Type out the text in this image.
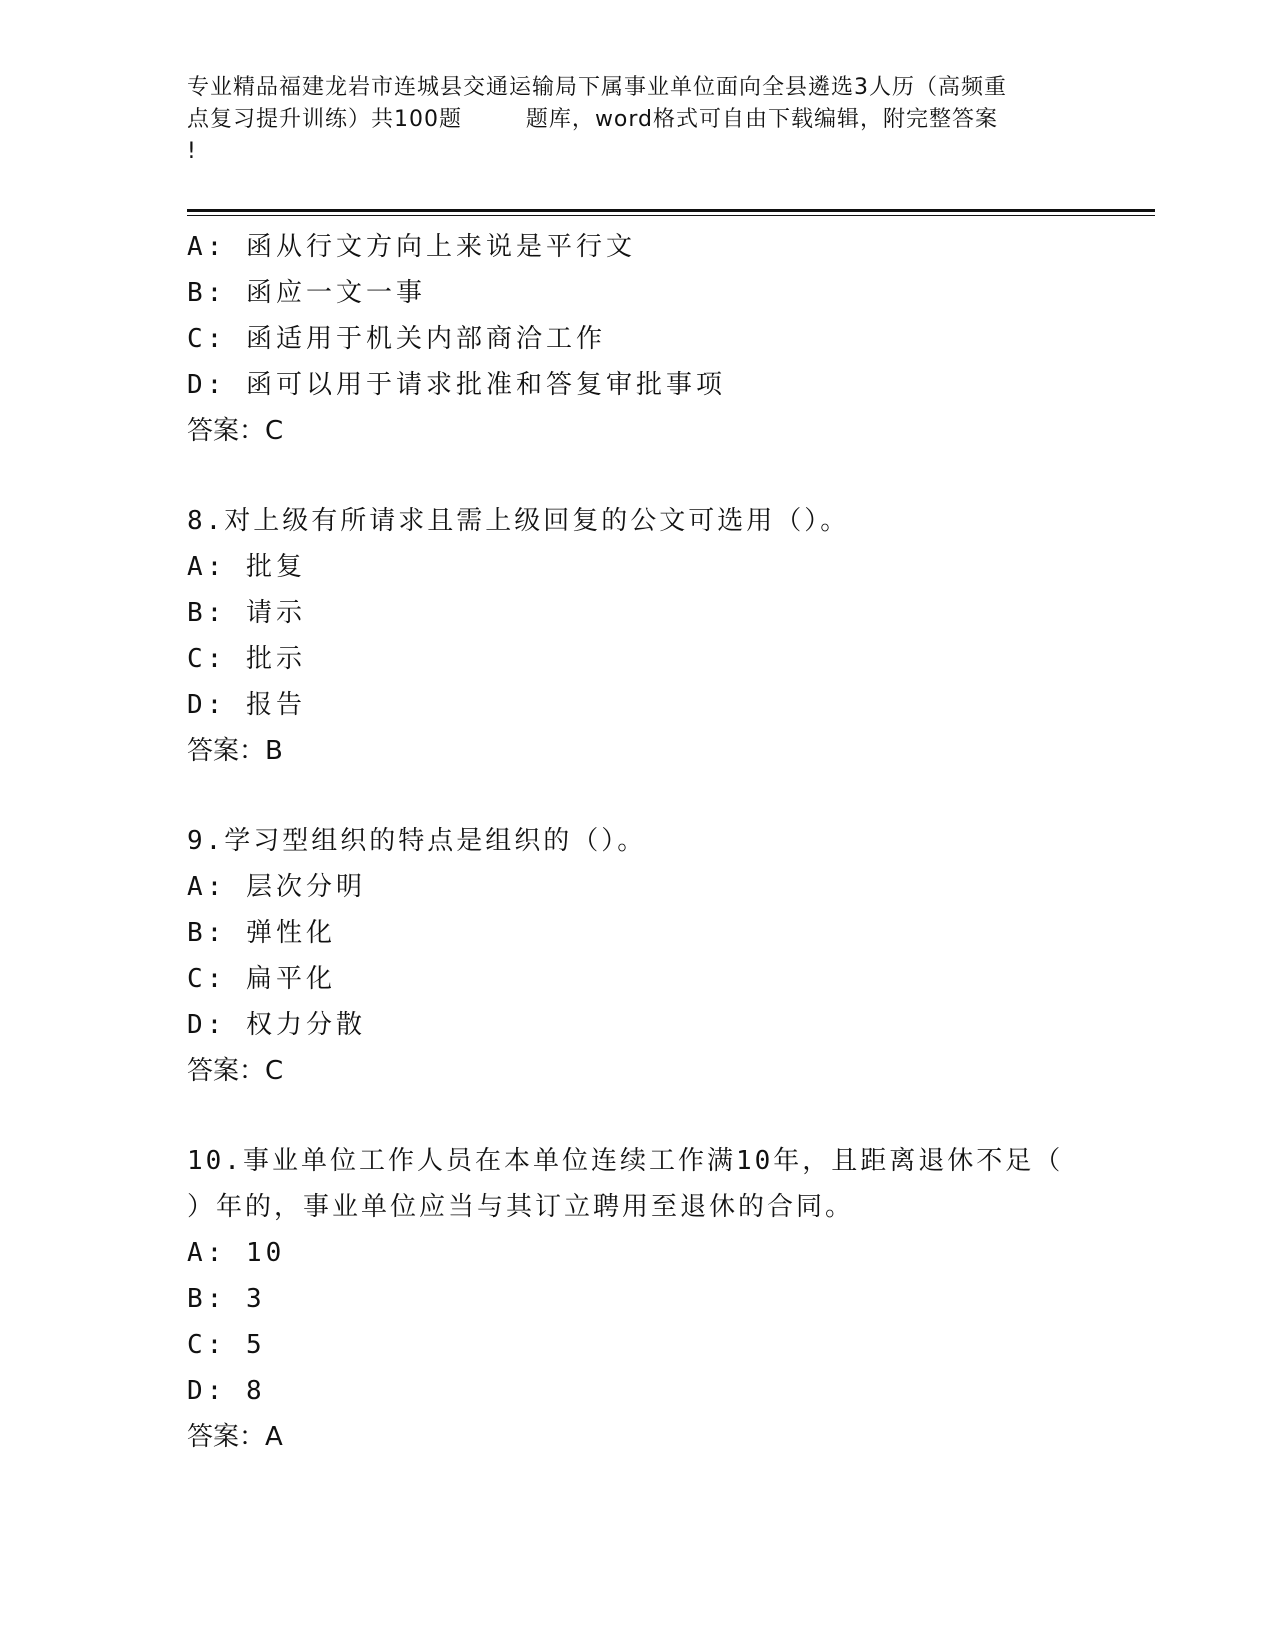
专业精品福建龙岩市连城县交通运输局下属事业单位面向全县遴选3人历（高频重
点复习提升训练）共100题        题库，word格式可自由下载编辑，附完整答案
!
A: 函从行文方向上来说是平行文
B: 函应一文一事
C: 函适用于机关内部商洽工作
D: 函可以用于请求批准和答复审批事项
答案：C
8.对上级有所请求且需上级回复的公文可选用（）。
A: 批复
B: 请示
C: 批示
D: 报告
答案：B
9.学习型组织的特点是组织的（）。
A: 层次分明
B: 弹性化
C: 扁平化
D: 权力分散
答案：C
10.事业单位工作人员在本单位连续工作满10年，且距离退休不足（
）年的，事业单位应当与其订立聘用至退休的合同。
A: 10
B: 3
C: 5
D: 8
答案：A
